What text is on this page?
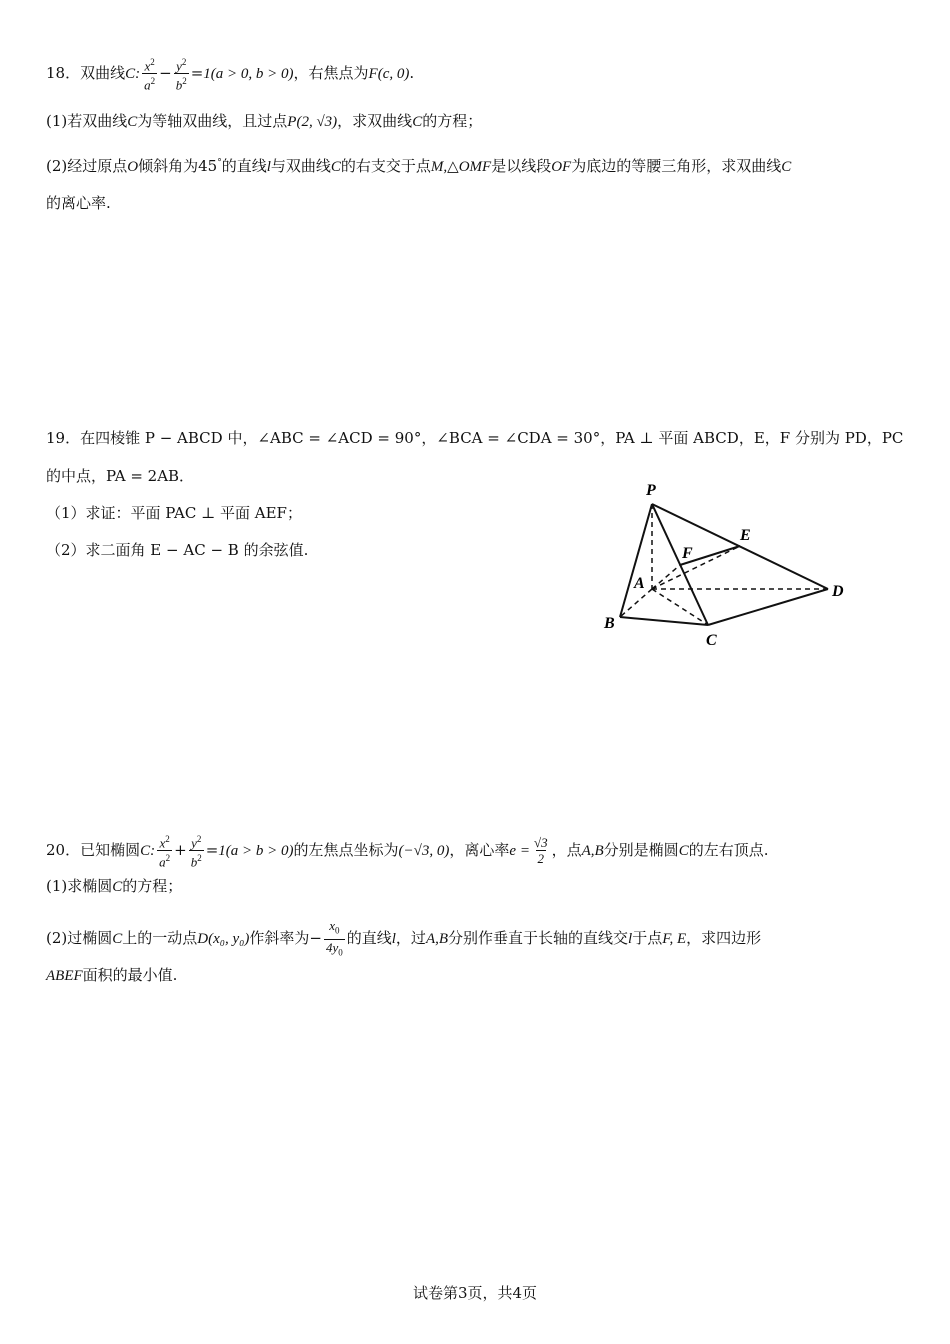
18．双曲线C: $\frac{x^2}{a^2} - \frac{y^2}{b^2} =1(a > 0$, b > 0)，右焦点为F(c, 0).
(1)若双曲线C为等轴双曲线，且过点P(2, √3)，求双曲线C的方程；
(2)经过原点O倾斜角为45°的直线l与双曲线C的右支交于点M,△OMF是以线段OF为底边的等腰三角形，求双曲线C
的离心率.
19．在四棱锥 P − ABCD 中，∠ABC = ∠ACD = 90°，∠BCA = ∠CDA = 30°，PA ⊥ 平面 ABCD，E，F 分别为 PD，PC
的中点，PA = 2AB．
（1）求证：平面 PAC ⊥ 平面 AEF；
（2）求二面角 E − AC − B 的余弦值.
P
E
F
A	D
B
C
20．已知椭圆C: $\frac{x^2}{a^2} + \frac{y^2}{b^2} =1(a > b > 0)$的左焦点坐标为(−√3, 0)，离心率$e = \frac{√3}{2}$ ，点A,B分别是椭圆C的左右顶点.
(1)求椭圆C的方程；
(2)过椭圆C上的一动点D(x₀, y₀)作斜率为− $\frac{x_0}{4y_0}$ 的直线l，过A,B分别作垂直于长轴的直线交l于点F, E，求四边形
ABEF面积的最小值.
试卷第3页，共4页
